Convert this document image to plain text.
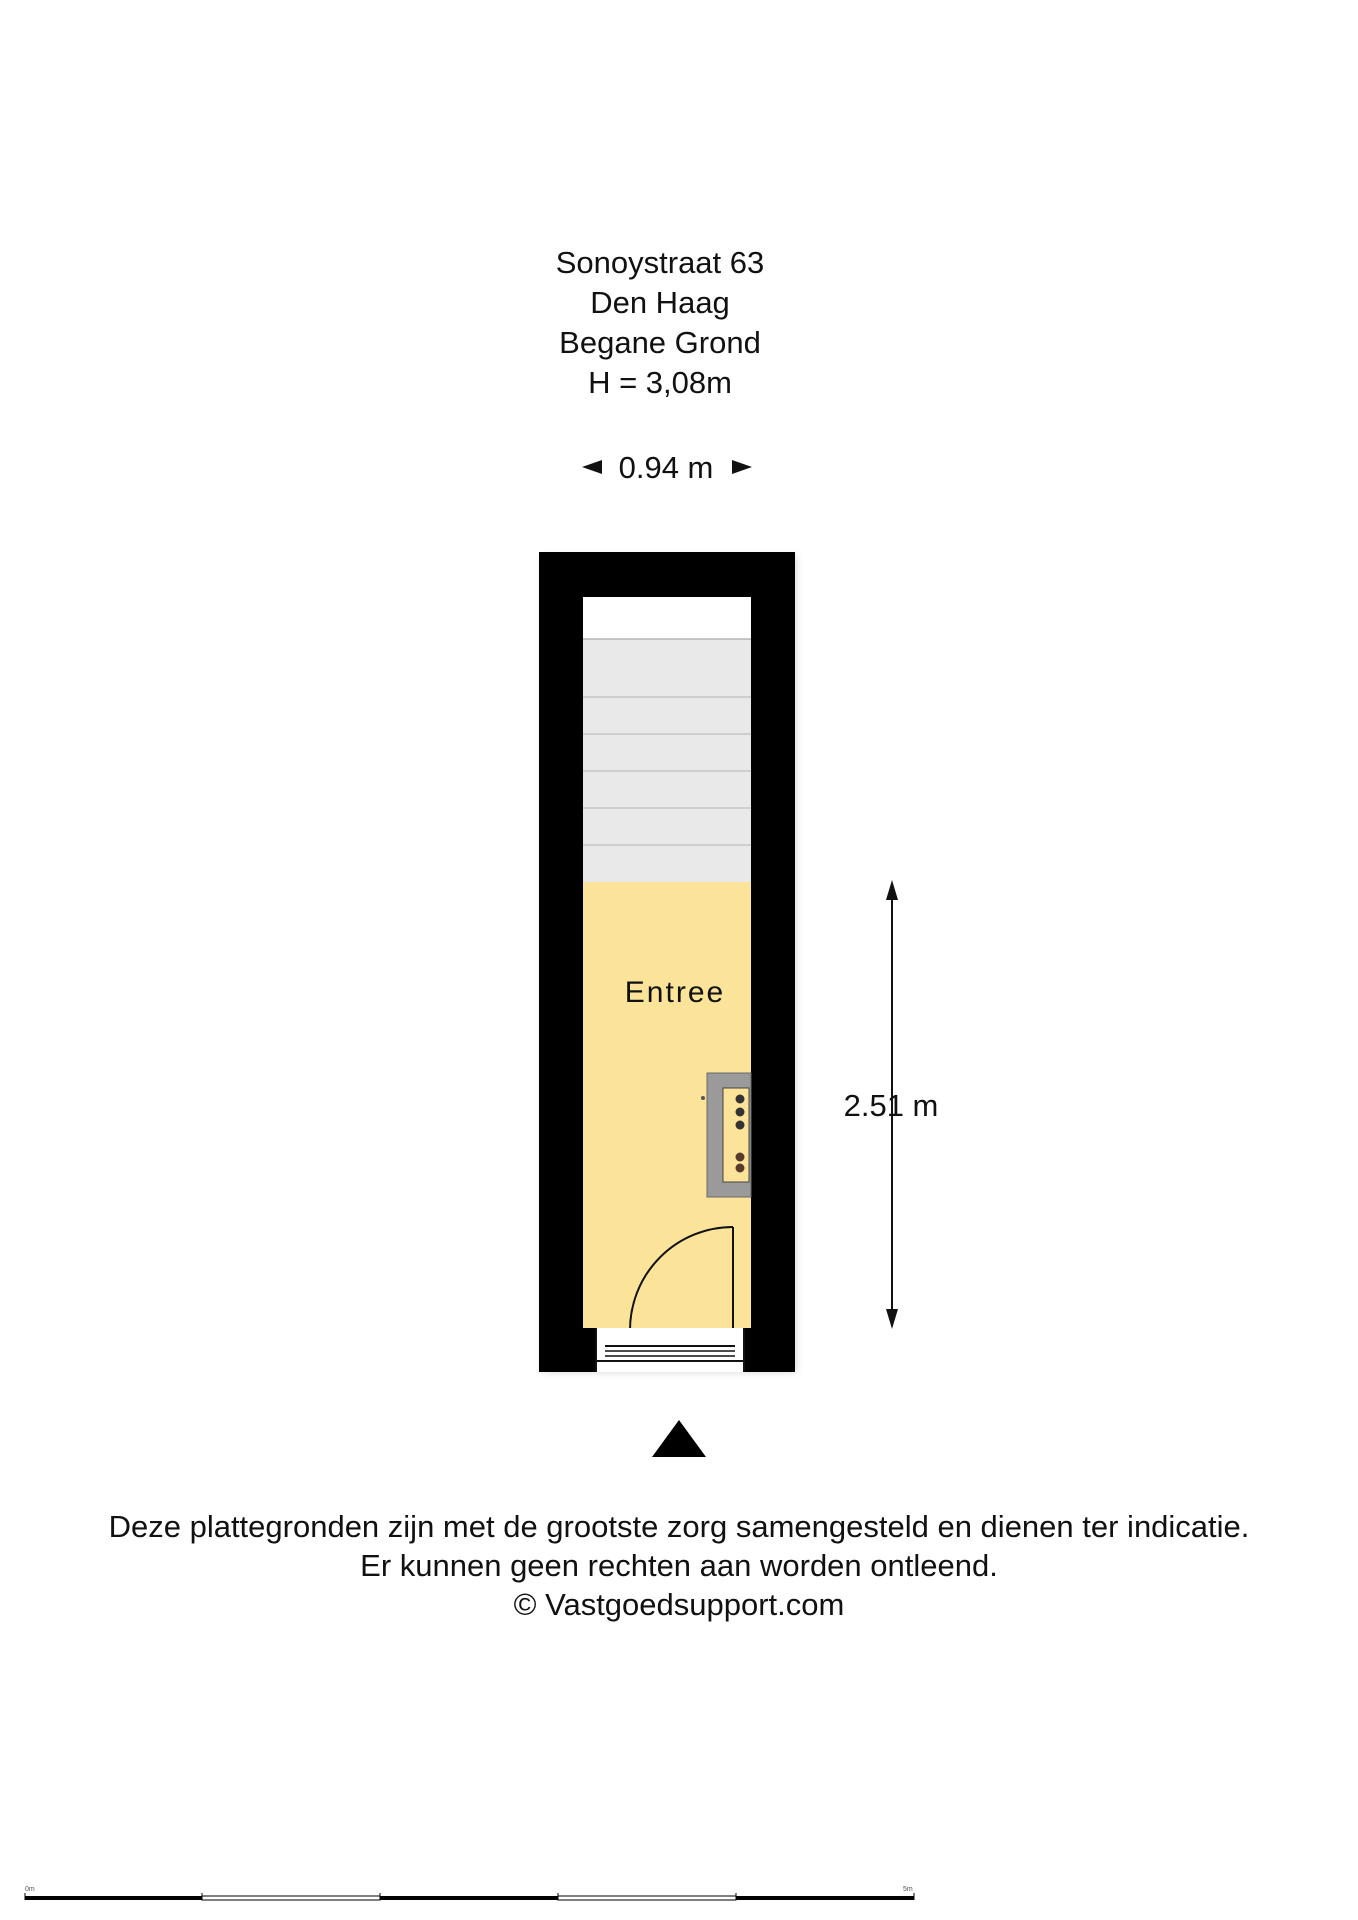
Sonoystraat 63
Den Haag
Begane Grond
H = 3,08m
0.94 m
Entree
2.51 m
0m	5m
Deze plattegronden zijn met de grootste zorg samengesteld en dienen ter indicatie.
Er kunnen geen rechten aan worden ontleend.
© Vastgoedsupport.com
